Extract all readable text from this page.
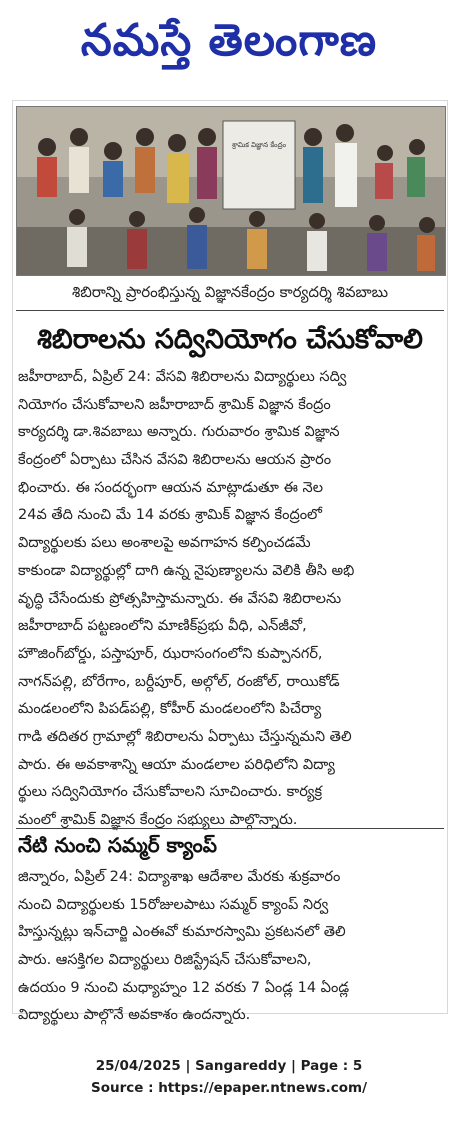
నమస్తే తెలంగాణ
శ్రామిక విజ్ఞాన కేంద్రం
శిబిరాన్ని ప్రారంభిస్తున్న విజ్ఞానకేంద్రం కార్యదర్శి శివబాబు
శిబిరాలను సద్వినియోగం చేసుకోవాలి
జహీరాబాద్, ఏప్రిల్ 24: వేసవి శిబిరాలను విద్యార్థులు సద్వి
నియోగం చేసుకోవాలని జహీరాబాద్ శ్రామిక్ విజ్ఞాన కేంద్రం
కార్యదర్శి డా.శివబాబు అన్నారు. గురువారం శ్రామిక విజ్ఞాన
కేంద్రంలో ఏర్పాటు చేసిన వేసవి శిబిరాలను ఆయన ప్రారం
భించారు. ఈ సందర్భంగా ఆయన మాట్లాడుతూ ఈ నెల
24వ తేది నుంచి మే 14 వరకు శ్రామిక్ విజ్ఞాన కేంద్రంలో
విద్యార్థులకు పలు అంశాలపై అవగాహన కల్పించడమే
కాకుండా విద్యార్థుల్లో దాగి ఉన్న నైపుణ్యాలను వెలికి తీసి అభి
వృద్ధి చేసేందుకు ప్రోత్సహిస్తామన్నారు. ఈ వేసవి శిబిరాలను
జహీరాబాద్ పట్టణంలోని మాణిక్‌ప్రభు వీధి, ఎన్‌జీవో,
హౌజింగ్‌బోర్డు, పస్తాపూర్, ఝరాసంగంలోని కుప్పానగర్,
నాగన్‌పల్లి, బోరేగాం, బర్దీపూర్, అల్గోల్, రంజోల్, రాయికోడ్
మండలంలోని పిపడ్‌పల్లి, కోహీర్ మండలంలోని పిచేర్యా
గాడి తదితర గ్రామాల్లో శిబిరాలను ఏర్పాటు చేస్తున్నమని తెలి
పారు. ఈ అవకాశాన్ని ఆయా మండలాల పరిధిలోని విద్యా
ర్థులు సద్వినియోగం చేసుకోవాలని సూచించారు. కార్యక్ర
మంలో శ్రామిక్ విజ్ఞాన కేంద్రం సభ్యులు పాల్గొన్నారు.
నేటి నుంచి సమ్మర్ క్యాంప్
జిన్నారం, ఏప్రిల్ 24: విద్యాశాఖ ఆదేశాల మేరకు శుక్రవారం
నుంచి విద్యార్థులకు 15రోజులపాటు సమ్మర్ క్యాంప్ నిర్వ
హిస్తున్నట్లు ఇన్‌చార్జి ఎంఈవో కుమారస్వామి ప్రకటనలో తెలి
పారు. ఆసక్తిగల విద్యార్థులు రిజిస్ట్రేషన్ చేసుకోవాలని,
ఉదయం 9 నుంచి మధ్యాహ్నం 12 వరకు 7 ఏండ్ల 14 ఏండ్ల
విద్యార్థులు పాల్గొనే అవకాశం ఉందన్నారు.
25/04/2025 | Sangareddy | Page : 5
Source : https://epaper.ntnews.com/
